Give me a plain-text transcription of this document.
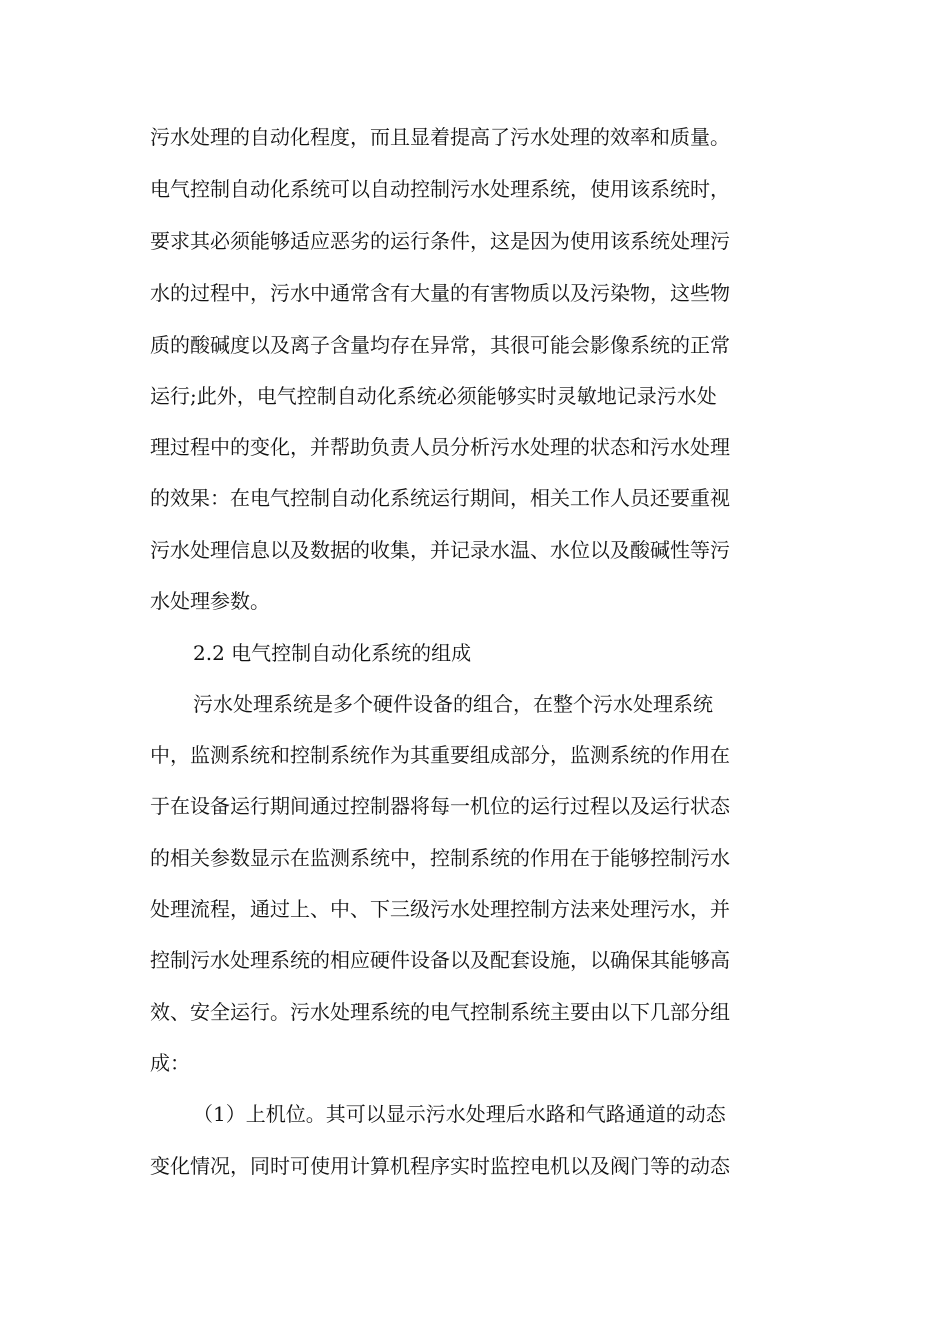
污水处理的自动化程度，而且显着提高了污水处理的效率和质量。
电气控制自动化系统可以自动控制污水处理系统，使用该系统时，
要求其必须能够适应恶劣的运行条件，这是因为使用该系统处理污
水的过程中，污水中通常含有大量的有害物质以及污染物，这些物
质的酸碱度以及离子含量均存在异常，其很可能会影像系统的正常
运行;此外，电气控制自动化系统必须能够实时灵敏地记录污水处
理过程中的变化，并帮助负责人员分析污水处理的状态和污水处理
的效果：在电气控制自动化系统运行期间，相关工作人员还要重视
污水处理信息以及数据的收集，并记录水温、水位以及酸碱性等污
水处理参数。
2.2 电气控制自动化系统的组成
污水处理系统是多个硬件设备的组合，在整个污水处理系统
中，监测系统和控制系统作为其重要组成部分，监测系统的作用在
于在设备运行期间通过控制器将每一机位的运行过程以及运行状态
的相关参数显示在监测系统中，控制系统的作用在于能够控制污水
处理流程，通过上、中、下三级污水处理控制方法来处理污水，并
控制污水处理系统的相应硬件设备以及配套设施，以确保其能够高
效、安全运行。污水处理系统的电气控制系统主要由以下几部分组
成：
（1）上机位。其可以显示污水处理后水路和气路通道的动态
变化情况，同时可使用计算机程序实时监控电机以及阀门等的动态
